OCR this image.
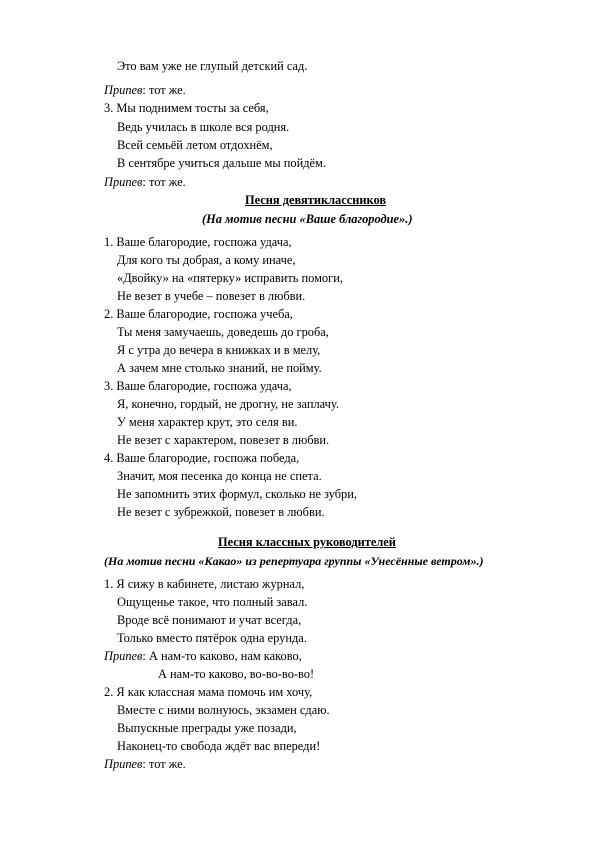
Это вам уже не глупый детский сад.
Припев: тот же.
3. Мы поднимем тосты за себя,
Ведь училась в школе вся родня.
Всей семьёй летом отдохнём,
В сентябре учиться дальше мы пойдём.
Припев: тот же.
Песня девятиклассников
(На мотив песни «Ваше благородие».)
1. Ваше благородие, госпожа удача,
Для кого ты добрая, а кому иначе,
«Двойку» на «пятерку» исправить помоги,
Не везет в учебе – повезет в любви.
2. Ваше благородие, госпожа учеба,
Ты меня замучаешь, доведешь до гроба,
Я с утра до вечера в книжках и в мелу,
А зачем мне столько знаний, не пойму.
3. Ваше благородие, госпожа удача,
Я, конечно, гордый, не дрогну, не заплачу.
У меня характер крут, это селя ви.
Не везет с характером, повезет в любви.
4. Ваше благородие, госпожа победа,
Значит, моя песенка до конца не спета.
Не запомнить этих формул, сколько не зубри,
Не везет с зубрежкой, повезет в любви.
Песня классных руководителей
(На мотив песни «Какао» из репертуара группы «Унесённые ветром».)
1. Я сижу в кабинете, листаю журнал,
Ощущенье такое, что полный завал.
Вроде всё понимают и учат всегда,
Только вместо пятёрок одна ерунда.
Припев: А нам-то каково, нам каково,
А нам-то каково, во-во-во-во!
2. Я как классная мама помочь им хочу,
Вместе с ними волнуюсь, экзамен сдаю.
Выпускные преграды уже позади,
Наконец-то свобода ждёт вас впереди!
Припев: тот же.
